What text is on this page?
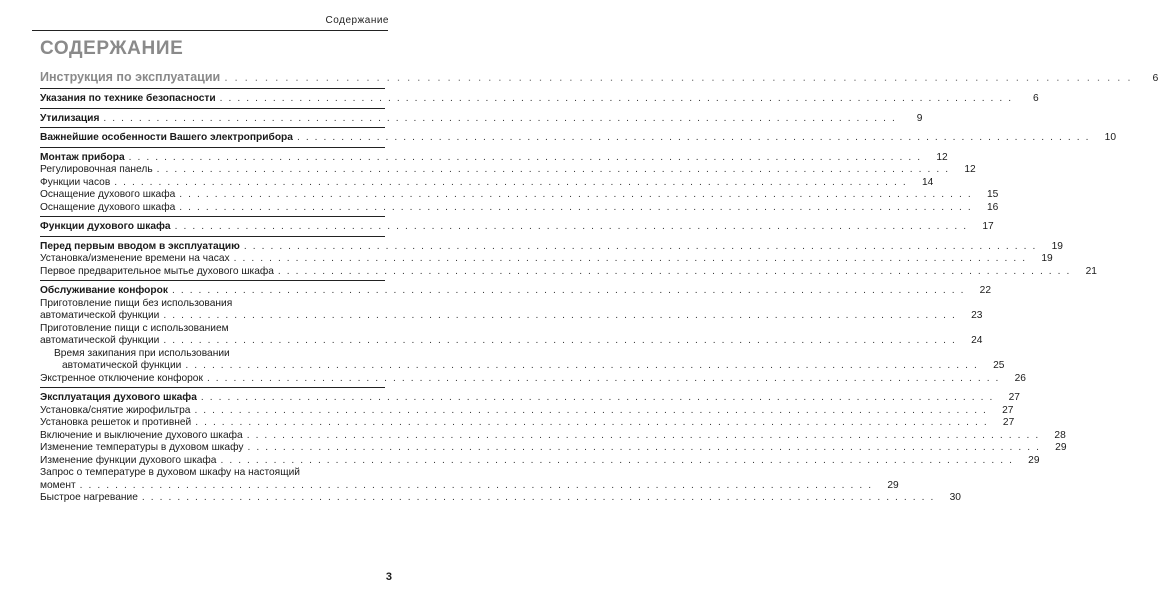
Содержание
СОДЕРЖАНИЕ
Инструкция по эксплуатации . . . . . . . . . . . . . . . . . . . . . . . . . . . . . . . . . . . . . . . . . . . . . . . . . . . . . . . . . . . . . . . . . . . . . . . . . . . . . . . . . . . . . . . . . .	6
Указания по технике безопасности . . . . . . . . . . . . . . . . . . . . . . . . . . . . . . . . . . . . . . . . . . . . . . . . . . . . . . . . . . . . . . . . . . . . . . . . . . . . . . . . . . . . . . . . . .	6
Утилизация . . . . . . . . . . . . . . . . . . . . . . . . . . . . . . . . . . . . . . . . . . . . . . . . . . . . . . . . . . . . . . . . . . . . . . . . . . . . . . . . . . . . . . . . . .	9
Важнейшие особенности Вашего электроприбора . . . . . . . . . . . . . . . . . . . . . . . . . . . . . . . . . . . . . . . . . . . . . . . . . . . . . . . . . . . . . . . . . . . . . . . . . . . . . . . . . . . . . . . . . .	10
Монтаж прибора . . . . . . . . . . . . . . . . . . . . . . . . . . . . . . . . . . . . . . . . . . . . . . . . . . . . . . . . . . . . . . . . . . . . . . . . . . . . . . . . . . . . . . . . . .	12
Регулировочная панель . . . . . . . . . . . . . . . . . . . . . . . . . . . . . . . . . . . . . . . . . . . . . . . . . . . . . . . . . . . . . . . . . . . . . . . . . . . . . . . . . . . . . . . . . .	12
Функции часов . . . . . . . . . . . . . . . . . . . . . . . . . . . . . . . . . . . . . . . . . . . . . . . . . . . . . . . . . . . . . . . . . . . . . . . . . . . . . . . . . . . . . . . . . .	14
Оснащение духового шкафа . . . . . . . . . . . . . . . . . . . . . . . . . . . . . . . . . . . . . . . . . . . . . . . . . . . . . . . . . . . . . . . . . . . . . . . . . . . . . . . . . . . . . . . . . .	15
Оснащение духового шкафа . . . . . . . . . . . . . . . . . . . . . . . . . . . . . . . . . . . . . . . . . . . . . . . . . . . . . . . . . . . . . . . . . . . . . . . . . . . . . . . . . . . . . . . . . .	16
Функции духового шкафа . . . . . . . . . . . . . . . . . . . . . . . . . . . . . . . . . . . . . . . . . . . . . . . . . . . . . . . . . . . . . . . . . . . . . . . . . . . . . . . . . . . . . . . . . .	17
Перед первым вводом в эксплуатацию . . . . . . . . . . . . . . . . . . . . . . . . . . . . . . . . . . . . . . . . . . . . . . . . . . . . . . . . . . . . . . . . . . . . . . . . . . . . . . . . . . . . . . . . . .	19
Установка/изменение времени на часах . . . . . . . . . . . . . . . . . . . . . . . . . . . . . . . . . . . . . . . . . . . . . . . . . . . . . . . . . . . . . . . . . . . . . . . . . . . . . . . . . . . . . . . . . .	19
Первое предварительное мытье духового шкафа . . . . . . . . . . . . . . . . . . . . . . . . . . . . . . . . . . . . . . . . . . . . . . . . . . . . . . . . . . . . . . . . . . . . . . . . . . . . . . . . . . . . . . . . . .	21
Обслуживание конфорок . . . . . . . . . . . . . . . . . . . . . . . . . . . . . . . . . . . . . . . . . . . . . . . . . . . . . . . . . . . . . . . . . . . . . . . . . . . . . . . . . . . . . . . . . .	22
Приготовление пищи без использования
автоматической функции . . . . . . . . . . . . . . . . . . . . . . . . . . . . . . . . . . . . . . . . . . . . . . . . . . . . . . . . . . . . . . . . . . . . . . . . . . . . . . . . . . . . . . . . . .	23
Приготовление пищи с использованием
автоматической функции . . . . . . . . . . . . . . . . . . . . . . . . . . . . . . . . . . . . . . . . . . . . . . . . . . . . . . . . . . . . . . . . . . . . . . . . . . . . . . . . . . . . . . . . . .	24
Время закипания при использовании
автоматической функции . . . . . . . . . . . . . . . . . . . . . . . . . . . . . . . . . . . . . . . . . . . . . . . . . . . . . . . . . . . . . . . . . . . . . . . . . . . . . . . . . . . . . . . . . .	25
Экстренное отключение конфорок . . . . . . . . . . . . . . . . . . . . . . . . . . . . . . . . . . . . . . . . . . . . . . . . . . . . . . . . . . . . . . . . . . . . . . . . . . . . . . . . . . . . . . . . . .	26
Эксплуатация духового шкафа . . . . . . . . . . . . . . . . . . . . . . . . . . . . . . . . . . . . . . . . . . . . . . . . . . . . . . . . . . . . . . . . . . . . . . . . . . . . . . . . . . . . . . . . . .	27
Установка/снятие жирофильтра . . . . . . . . . . . . . . . . . . . . . . . . . . . . . . . . . . . . . . . . . . . . . . . . . . . . . . . . . . . . . . . . . . . . . . . . . . . . . . . . . . . . . . . . . .	27
Установка решеток и противней . . . . . . . . . . . . . . . . . . . . . . . . . . . . . . . . . . . . . . . . . . . . . . . . . . . . . . . . . . . . . . . . . . . . . . . . . . . . . . . . . . . . . . . . . .	27
Включение и выключение духового шкафа . . . . . . . . . . . . . . . . . . . . . . . . . . . . . . . . . . . . . . . . . . . . . . . . . . . . . . . . . . . . . . . . . . . . . . . . . . . . . . . . . . . . . . . . . .	28
Изменение температуры в духовом шкафу . . . . . . . . . . . . . . . . . . . . . . . . . . . . . . . . . . . . . . . . . . . . . . . . . . . . . . . . . . . . . . . . . . . . . . . . . . . . . . . . . . . . . . . . . .	29
Изменение функции духового шкафа . . . . . . . . . . . . . . . . . . . . . . . . . . . . . . . . . . . . . . . . . . . . . . . . . . . . . . . . . . . . . . . . . . . . . . . . . . . . . . . . . . . . . . . . . .	29
Запрос о температуре в духовом шкафу на настоящий
момент . . . . . . . . . . . . . . . . . . . . . . . . . . . . . . . . . . . . . . . . . . . . . . . . . . . . . . . . . . . . . . . . . . . . . . . . . . . . . . . . . . . . . . . . . .	29
Быстрое нагревание . . . . . . . . . . . . . . . . . . . . . . . . . . . . . . . . . . . . . . . . . . . . . . . . . . . . . . . . . . . . . . . . . . . . . . . . . . . . . . . . . . . . . . . . . .	30
3
